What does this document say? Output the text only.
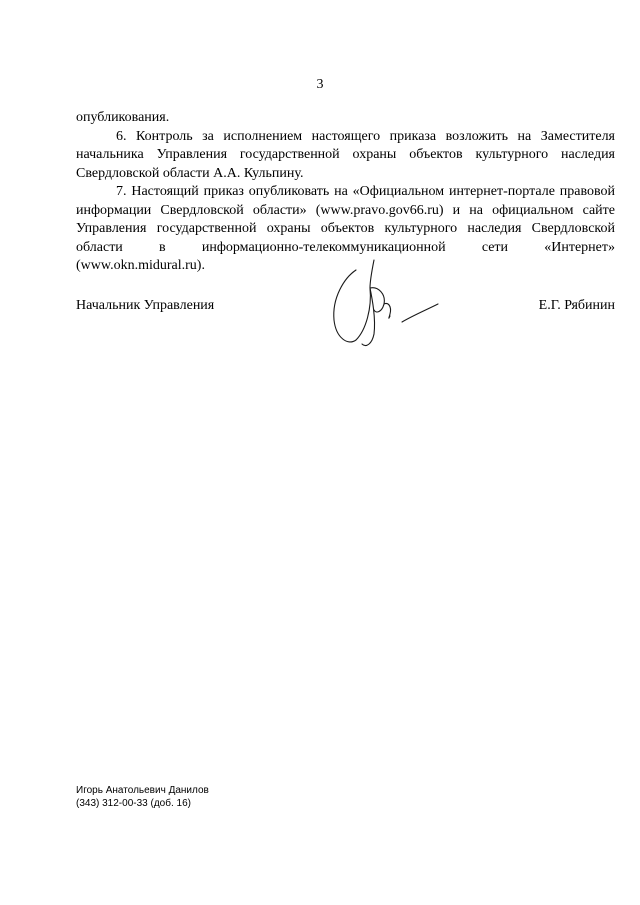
3

опубликования.

6. Контроль за исполнением настоящего приказа возложить на Заместителя начальника Управления государственной охраны объектов культурного наследия Свердловской области А.А. Кульпину.

7. Настоящий приказ опубликовать на «Официальном интернет-портале правовой информации Свердловской области» (www.pravo.gov66.ru) и на официальном сайте Управления государственной охраны объектов культурного наследия Свердловской области в информационно-телекоммуникационной сети «Интернет» (www.okn.midural.ru).

Начальник Управления	Е.Г. Рябинин
Игорь Анатольевич Данилов
(343) 312-00-33 (доб. 16)
